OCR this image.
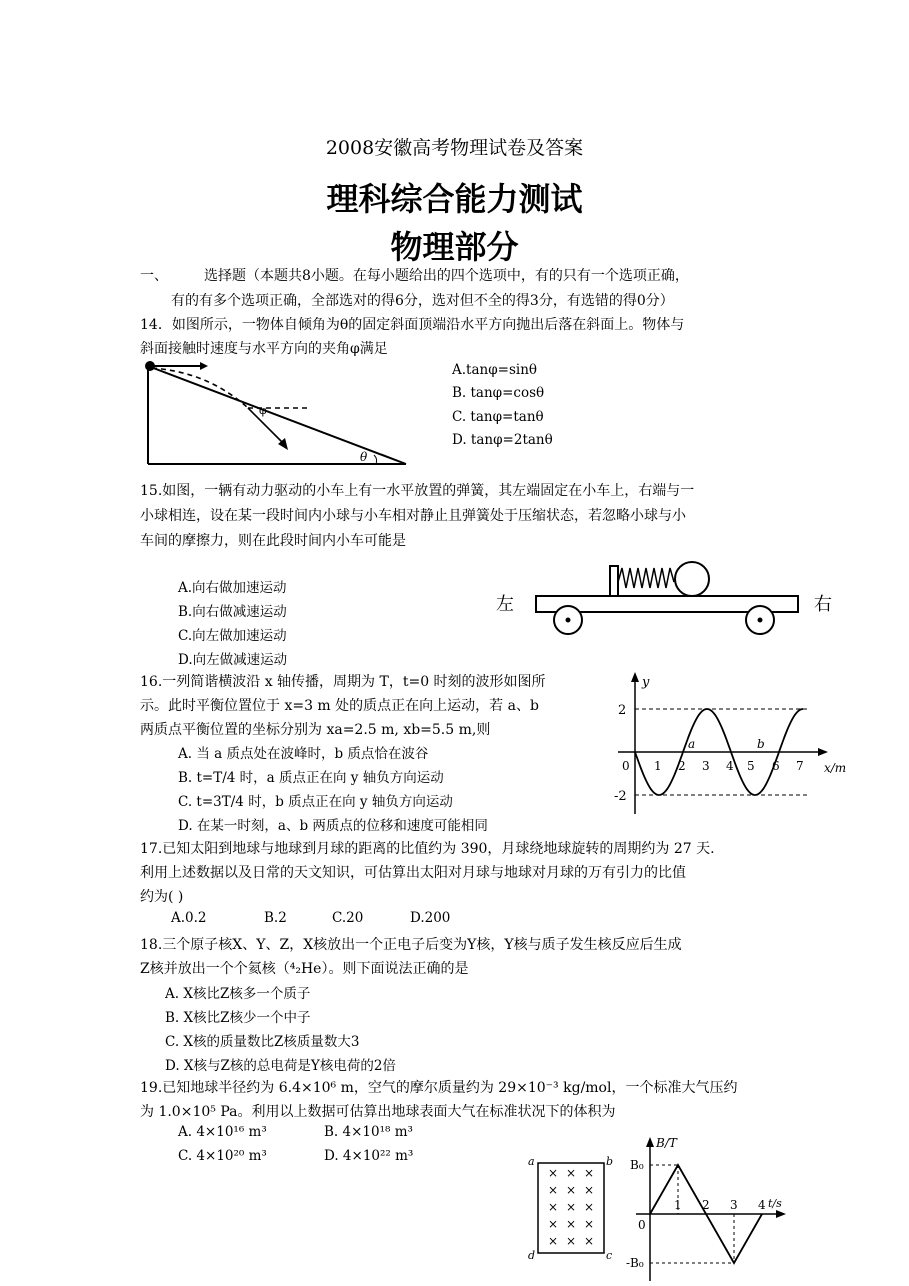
2008安徽高考物理试卷及答案
理科综合能力测试
物理部分
一、	选择题（本题共8小题。在每小题给出的四个选项中，有的只有一个选项正确，
有的有多个选项正确，全部选对的得6分，选对但不全的得3分，有选错的得0分）
14．如图所示，一物体自倾角为θ的固定斜面顶端沿水平方向抛出后落在斜面上。物体与
斜面接触时速度与水平方向的夹角φ满足
φ
θ
A.tanφ=sinθ
B. tanφ=cosθ
C. tanφ=tanθ
D. tanφ=2tanθ
15.如图，一辆有动力驱动的小车上有一水平放置的弹簧，其左端固定在小车上，右端与一
小球相连，设在某一段时间内小球与小车相对静止且弹簧处于压缩状态，若忽略小球与小
车间的摩擦力，则在此段时间内小车可能是
A.向右做加速运动
B.向右做减速运动
C.向左做加速运动
D.向左做减速运动
左	右
16.一列简谐横波沿 x 轴传播，周期为 T，t=0 时刻的波形如图所
示。此时平衡位置位于 x=3 m 处的质点正在向上运动，若 a、b
两质点平衡位置的坐标分别为 xa=2.5 m, xb=5.5 m,则
A. 当 a 质点处在波峰时，b 质点恰在波谷
B. t=T/4 时，a 质点正在向 y 轴负方向运动
C. t=3T/4 时，b 质点正在向 y 轴负方向运动
D. 在某一时刻，a、b 两质点的位移和速度可能相同
y
x/m
2
-2
0 1 2 3 4 5 6 7
a	b
17.已知太阳到地球与地球到月球的距离的比值约为 390，月球绕地球旋转的周期约为 27 天.
利用上述数据以及日常的天文知识，可估算出太阳对月球与地球对月球的万有引力的比值
约为( )
A.0.2	B.2	C.20	D.200
18.三个原子核X、Y、Z，X核放出一个正电子后变为Y核，Y核与质子发生核反应后生成
Z核并放出一个个氦核（⁴₂He）。则下面说法正确的是
A. X核比Z核多一个质子
B. X核比Z核少一个中子
C. X核的质量数比Z核质量数大3
D. X核与Z核的总电荷是Y核电荷的2倍
19.已知地球半径约为 6.4×10⁶ m，空气的摩尔质量约为 29×10⁻³ kg/mol，一个标准大气压约
为 1.0×10⁵ Pa。利用以上数据可估算出地球表面大气在标准状况下的体积为
A. 4×10¹⁶ m³	B. 4×10¹⁸ m³
C. 4×10²⁰ m³	D. 4×10²² m³	a	b
c
d
× × ×
× × ×
× × ×
× × ×
× × ×
B/T
t/s
B₀
-B₀
0
1 2 3 4
